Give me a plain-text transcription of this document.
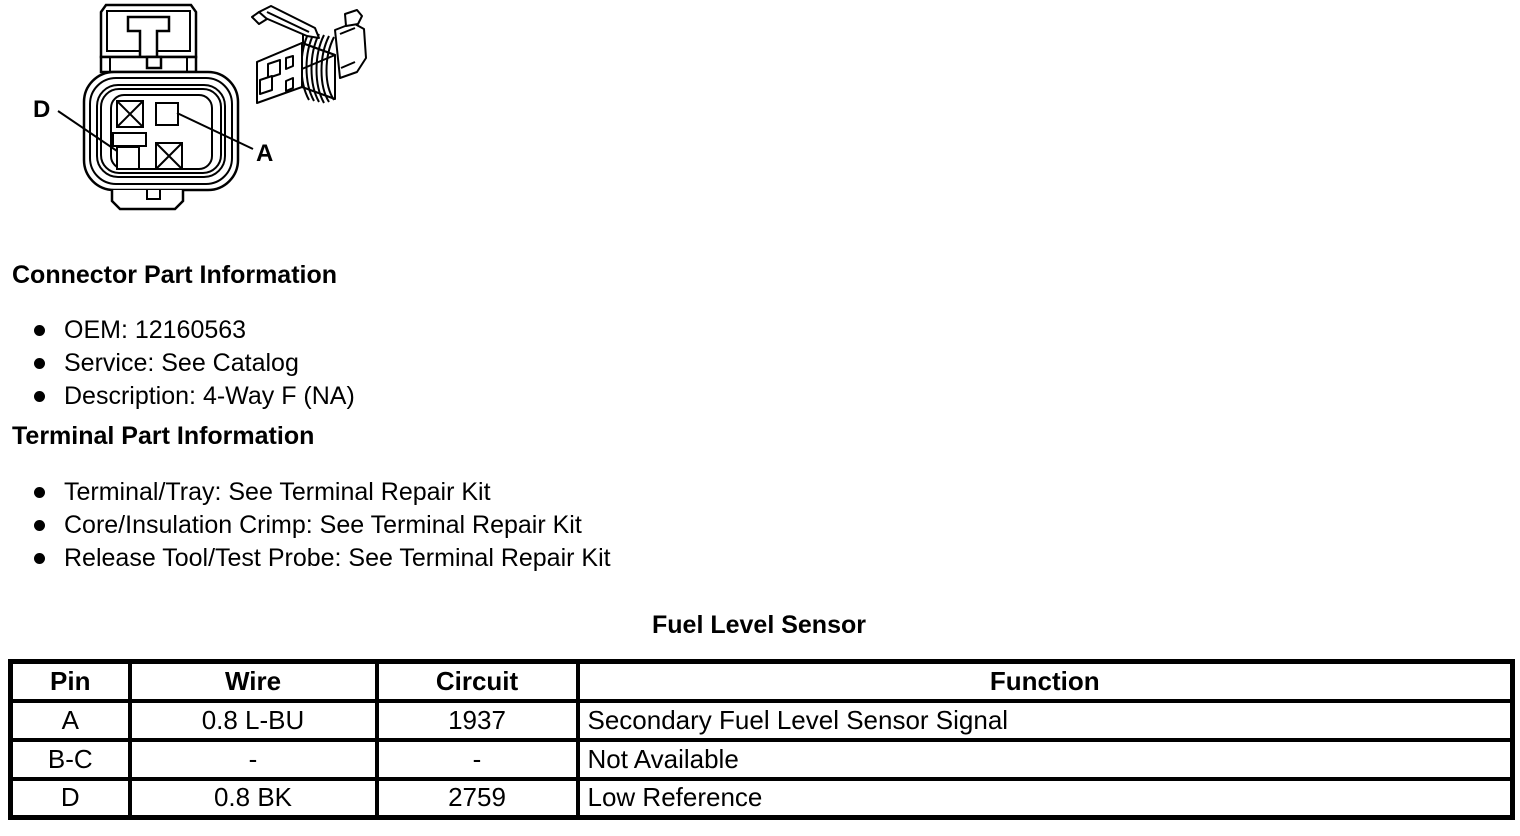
D
A
Connector Part Information
OEM: 12160563
Service: See Catalog
Description: 4-Way F (NA)
Terminal Part Information
Terminal/Tray: See Terminal Repair Kit
Core/Insulation Crimp: See Terminal Repair Kit
Release Tool/Test Probe: See Terminal Repair Kit
Fuel Level Sensor
Pin	Wire	Circuit	Function
A	0.8 L-BU	1937	Secondary Fuel Level Sensor Signal
B-C	-	-	Not Available
D	0.8 BK	2759	Low Reference
